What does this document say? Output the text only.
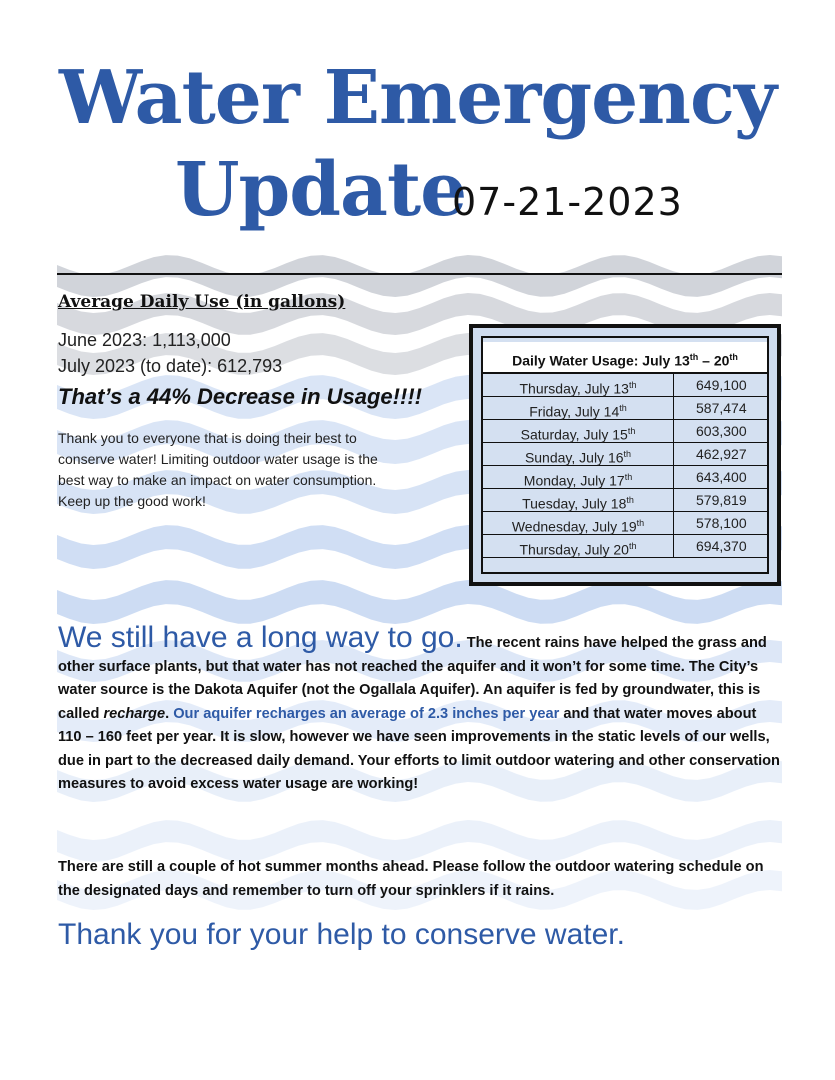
Water Emergency
Update
07-21-2023
Average Daily Use (in gallons)
June 2023: 1,113,000
July 2023 (to date): 612,793
That’s a 44% Decrease in Usage!!!!
Thank you to everyone that is doing their best to conserve water! Limiting outdoor water usage is the best way to make an impact on water consumption. Keep up the good work!
Daily Water Usage: July 13th – 20th
Thursday, July 13th	649,100
Friday, July 14th	587,474
Saturday, July 15th	603,300
Sunday, July 16th	462,927
Monday, July 17th	643,400
Tuesday, July 18th	579,819
Wednesday, July 19th	578,100
Thursday, July 20th	694,370
We still have a long way to go. The recent rains have helped the grass and other surface plants, but that water has not reached the aquifer and it won’t for some time. The City’s water source is the Dakota Aquifer (not the Ogallala Aquifer). An aquifer is fed by groundwater, this is called recharge. Our aquifer recharges an average of 2.3 inches per year and that water moves about 110 – 160 feet per year. It is slow, however we have seen improvements in the static levels of our wells, due in part to the decreased daily demand. Your efforts to limit outdoor watering and other conservation measures to avoid excess water usage are working!
There are still a couple of hot summer months ahead. Please follow the outdoor watering schedule on the designated days and remember to turn off your sprinklers if it rains.
Thank you for your help to conserve water.
